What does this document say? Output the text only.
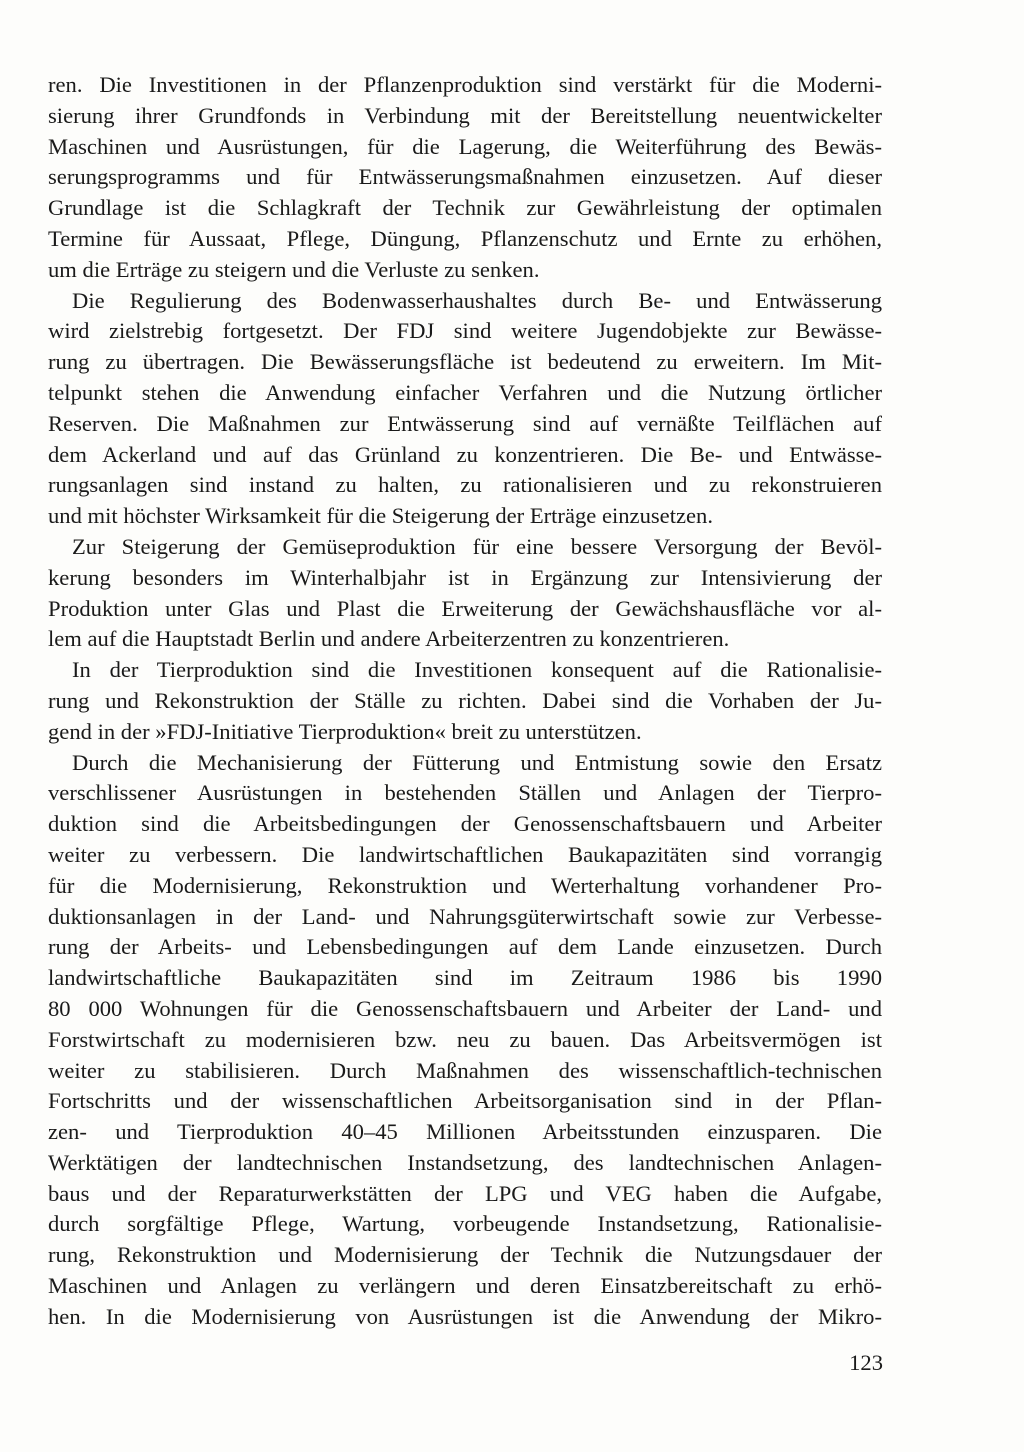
ren. Die Investitionen in der Pflanzenproduktion sind verstärkt für die Moderni-
sierung ihrer Grundfonds in Verbindung mit der Bereitstellung neuentwickelter
Maschinen und Ausrüstungen, für die Lagerung, die Weiterführung des Bewäs-
serungsprogramms und für Entwässerungsmaßnahmen einzusetzen. Auf dieser
Grundlage ist die Schlagkraft der Technik zur Gewährleistung der optimalen
Termine für Aussaat, Pflege, Düngung, Pflanzenschutz und Ernte zu erhöhen,
um die Erträge zu steigern und die Verluste zu senken.
Die Regulierung des Bodenwasserhaushaltes durch Be- und Entwässerung
wird zielstrebig fortgesetzt. Der FDJ sind weitere Jugendobjekte zur Bewässe-
rung zu übertragen. Die Bewässerungsfläche ist bedeutend zu erweitern. Im Mit-
telpunkt stehen die Anwendung einfacher Verfahren und die Nutzung örtlicher
Reserven. Die Maßnahmen zur Entwässerung sind auf vernäßte Teilflächen auf
dem Ackerland und auf das Grünland zu konzentrieren. Die Be- und Entwässe-
rungsanlagen sind instand zu halten, zu rationalisieren und zu rekonstruieren
und mit höchster Wirksamkeit für die Steigerung der Erträge einzusetzen.
Zur Steigerung der Gemüseproduktion für eine bessere Versorgung der Bevöl-
kerung besonders im Winterhalbjahr ist in Ergänzung zur Intensivierung der
Produktion unter Glas und Plast die Erweiterung der Gewächshausfläche vor al-
lem auf die Hauptstadt Berlin und andere Arbeiterzentren zu konzentrieren.
In der Tierproduktion sind die Investitionen konsequent auf die Rationalisie-
rung und Rekonstruktion der Ställe zu richten. Dabei sind die Vorhaben der Ju-
gend in der »FDJ-Initiative Tierproduktion« breit zu unterstützen.
Durch die Mechanisierung der Fütterung und Entmistung sowie den Ersatz
verschlissener Ausrüstungen in bestehenden Ställen und Anlagen der Tierpro-
duktion sind die Arbeitsbedingungen der Genossenschaftsbauern und Arbeiter
weiter zu verbessern. Die landwirtschaftlichen Baukapazitäten sind vorrangig
für die Modernisierung, Rekonstruktion und Werterhaltung vorhandener Pro-
duktionsanlagen in der Land- und Nahrungsgüterwirtschaft sowie zur Verbesse-
rung der Arbeits- und Lebensbedingungen auf dem Lande einzusetzen. Durch
landwirtschaftliche Baukapazitäten sind im Zeitraum 1986 bis 1990
80 000 Wohnungen für die Genossenschaftsbauern und Arbeiter der Land- und
Forstwirtschaft zu modernisieren bzw. neu zu bauen. Das Arbeitsvermögen ist
weiter zu stabilisieren. Durch Maßnahmen des wissenschaftlich-technischen
Fortschritts und der wissenschaftlichen Arbeitsorganisation sind in der Pflan-
zen- und Tierproduktion 40–45 Millionen Arbeitsstunden einzusparen. Die
Werktätigen der landtechnischen Instandsetzung, des landtechnischen Anlagen-
baus und der Reparaturwerkstätten der LPG und VEG haben die Aufgabe,
durch sorgfältige Pflege, Wartung, vorbeugende Instandsetzung, Rationalisie-
rung, Rekonstruktion und Modernisierung der Technik die Nutzungsdauer der
Maschinen und Anlagen zu verlängern und deren Einsatzbereitschaft zu erhö-
hen. In die Modernisierung von Ausrüstungen ist die Anwendung der Mikro-
123
